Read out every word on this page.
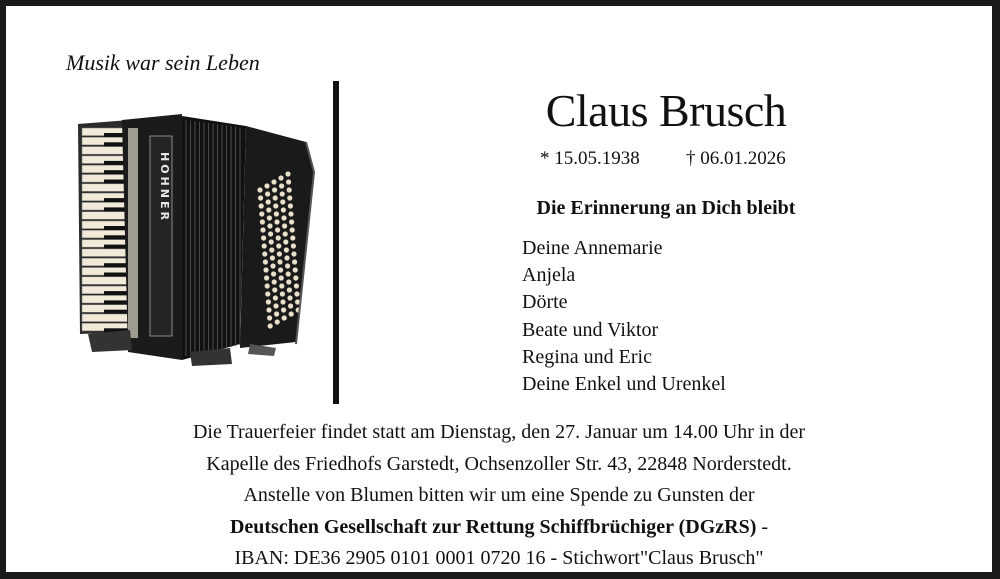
Musik war sein Leben
HOHNER
Claus Brusch
* 15.05.1938 † 06.01.2026
Die Erinnerung an Dich bleibt
Deine Annemarie
Anjela
Dörte
Beate und Viktor
Regina und Eric
Deine Enkel und Urenkel
Die Trauerfeier findet statt am Dienstag, den 27. Januar um 14.00 Uhr in der
Kapelle des Friedhofs Garstedt, Ochsenzoller Str. 43, 22848 Norderstedt.
Anstelle von Blumen bitten wir um eine Spende zu Gunsten der
Deutschen Gesellschaft zur Rettung Schiffbrüchiger (DGzRS) -
IBAN: DE36 2905 0101 0001 0720 16 - Stichwort"Claus Brusch"
